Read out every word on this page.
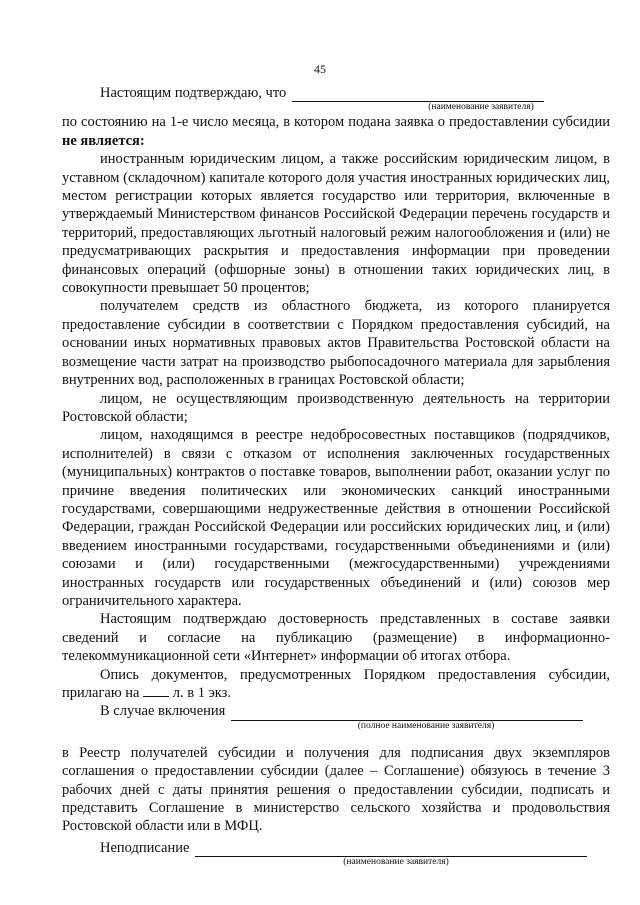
45
Настоящим подтверждаю, что
(наименование заявителя)

по состоянию на 1-е число месяца, в котором подана заявка о предоставлении субсидии не является:

иностранным юридическим лицом, а также российским юридическим лицом, в уставном (складочном) капитале которого доля участия иностранных юридических лиц, местом регистрации которых является государство или территория, включенные в утверждаемый Министерством финансов Российской Федерации перечень государств и территорий, предоставляющих льготный налоговый режим налогообложения и (или) не предусматривающих раскрытия и предоставления информации при проведении финансовых операций (офшорные зоны) в отношении таких юридических лиц, в совокупности превышает 50 процентов;

получателем средств из областного бюджета, из которого планируется предоставление субсидии в соответствии с Порядком предоставления субсидий, на основании иных нормативных правовых актов Правительства Ростовской области на возмещение части затрат на производство рыбопосадочного материала для зарыбления внутренних вод, расположенных в границах Ростовской области;

лицом, не осуществляющим производственную деятельность на территории Ростовской области;

лицом, находящимся в реестре недобросовестных поставщиков (подрядчиков, исполнителей) в связи с отказом от исполнения заключенных государственных (муниципальных) контрактов о поставке товаров, выполнении работ, оказании услуг по причине введения политических или экономических санкций иностранными государствами, совершающими недружественные действия в отношении Российской Федерации, граждан Российской Федерации или российских юридических лиц, и (или) введением иностранными государствами, государственными объединениями и (или) союзами и (или) государственными (межгосударственными) учреждениями иностранных государств или государственных объединений и (или) союзов мер ограничительного характера.

Настоящим подтверждаю достоверность представленных в составе заявки сведений и согласие на публикацию (размещение) в информационно-телекоммуникационной сети «Интернет» информации об итогах отбора.

Опись документов, предусмотренных Порядком предоставления субсидии, прилагаю на л. в 1 экз.

В случае включения
(полное наименование заявителя)

в Реестр получателей субсидии и получения для подписания двух экземпляров соглашения о предоставлении субсидии (далее – Соглашение) обязуюсь в течение 3 рабочих дней с даты принятия решения о предоставлении субсидии, подписать и представить Соглашение в министерство сельского хозяйства и продовольствия Ростовской области или в МФЦ.

Неподписание
(наименование заявителя)
